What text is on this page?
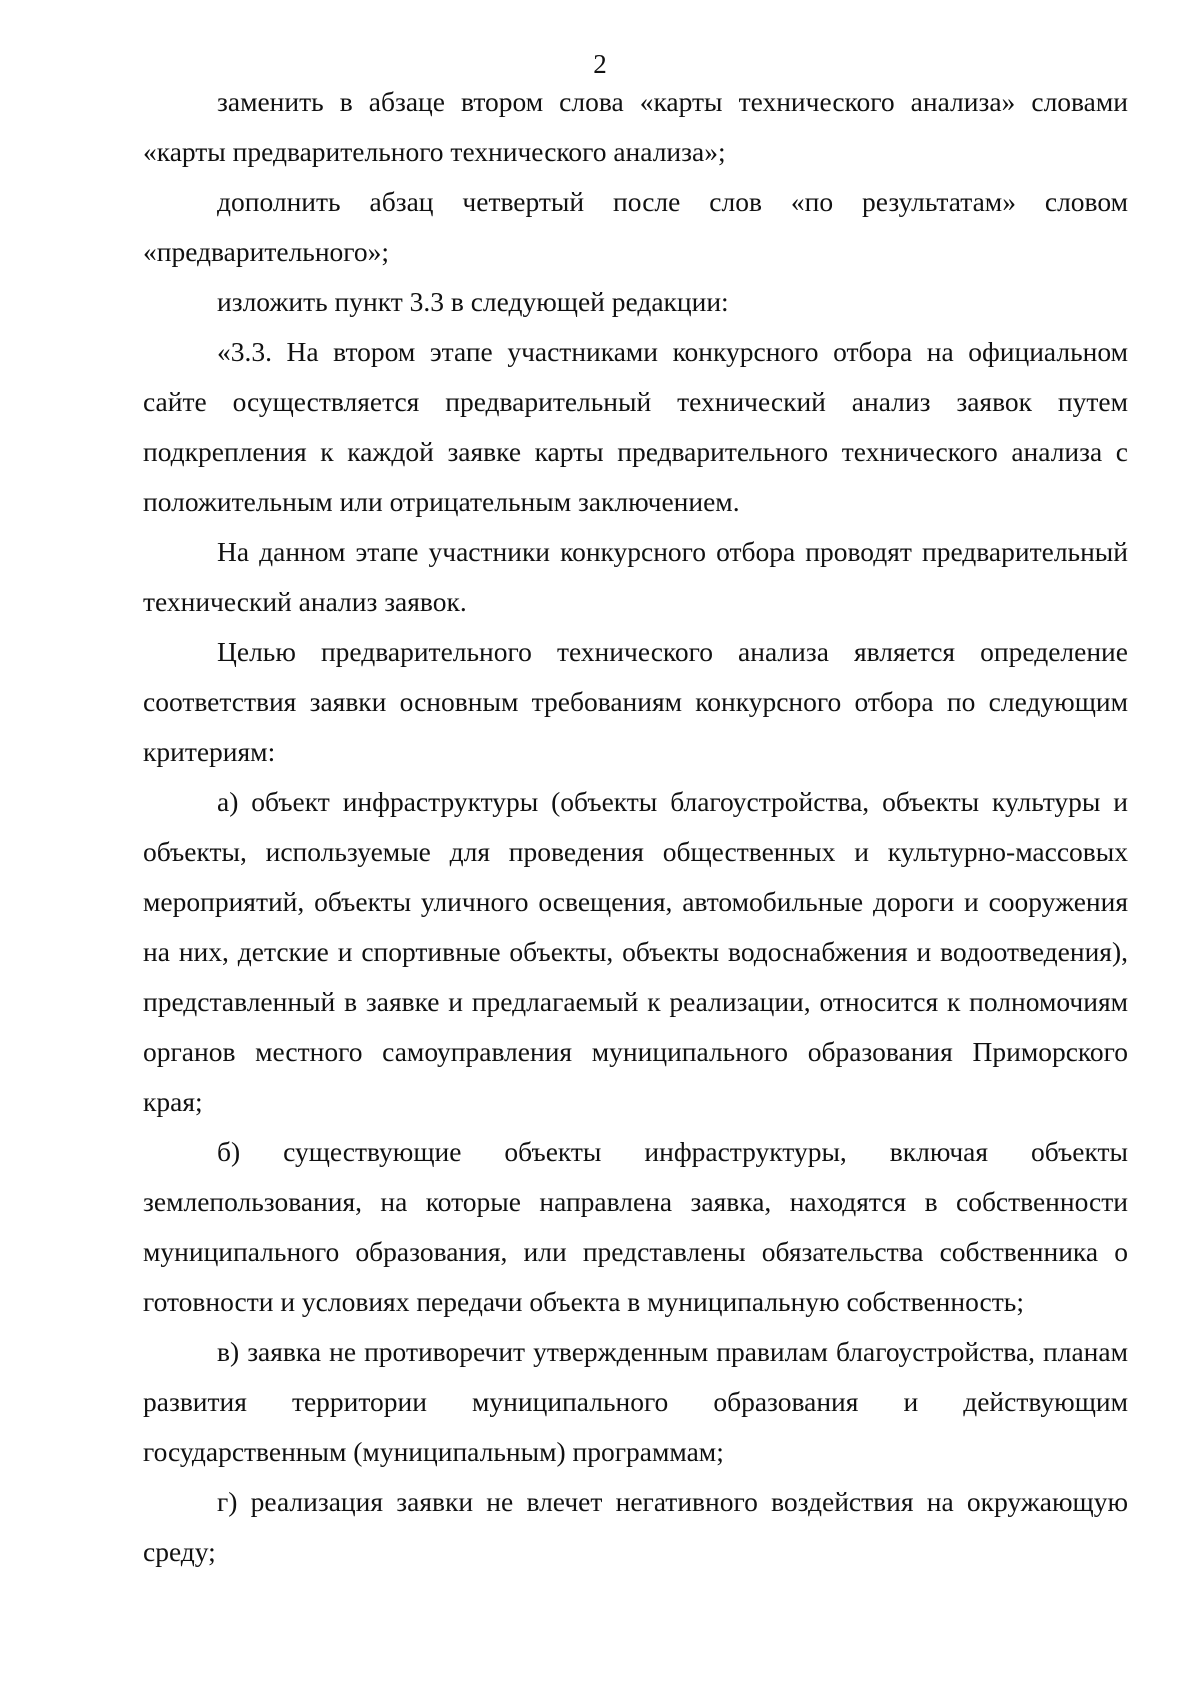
2

заменить в абзаце втором слова «карты технического анализа» словами «карты предварительного технического анализа»;

дополнить абзац четвертый после слов «по результатам» словом «предварительного»;

изложить пункт 3.3 в следующей редакции:

«3.3. На втором этапе участниками конкурсного отбора на официальном сайте осуществляется предварительный технический анализ заявок путем подкрепления к каждой заявке карты предварительного технического анализа с положительным или отрицательным заключением.

На данном этапе участники конкурсного отбора проводят предварительный технический анализ заявок.

Целью предварительного технического анализа является определение соответствия заявки основным требованиям конкурсного отбора по следующим критериям:

а) объект инфраструктуры (объекты благоустройства, объекты культуры и объекты, используемые для проведения общественных и культурно-массовых мероприятий, объекты уличного освещения, автомобильные дороги и сооружения на них, детские и спортивные объекты, объекты водоснабжения и водоотведения), представленный в заявке и предлагаемый к реализации, относится к полномочиям органов местного самоуправления муниципального образования Приморского края;

б) существующие объекты инфраструктуры, включая объекты землепользования, на которые направлена заявка, находятся в собственности муниципального образования, или представлены обязательства собственника о готовности и условиях передачи объекта в муниципальную собственность;

в) заявка не противоречит утвержденным правилам благоустройства, планам развития территории муниципального образования и действующим государственным (муниципальным) программам;

г) реализация заявки не влечет негативного воздействия на окружающую среду;
